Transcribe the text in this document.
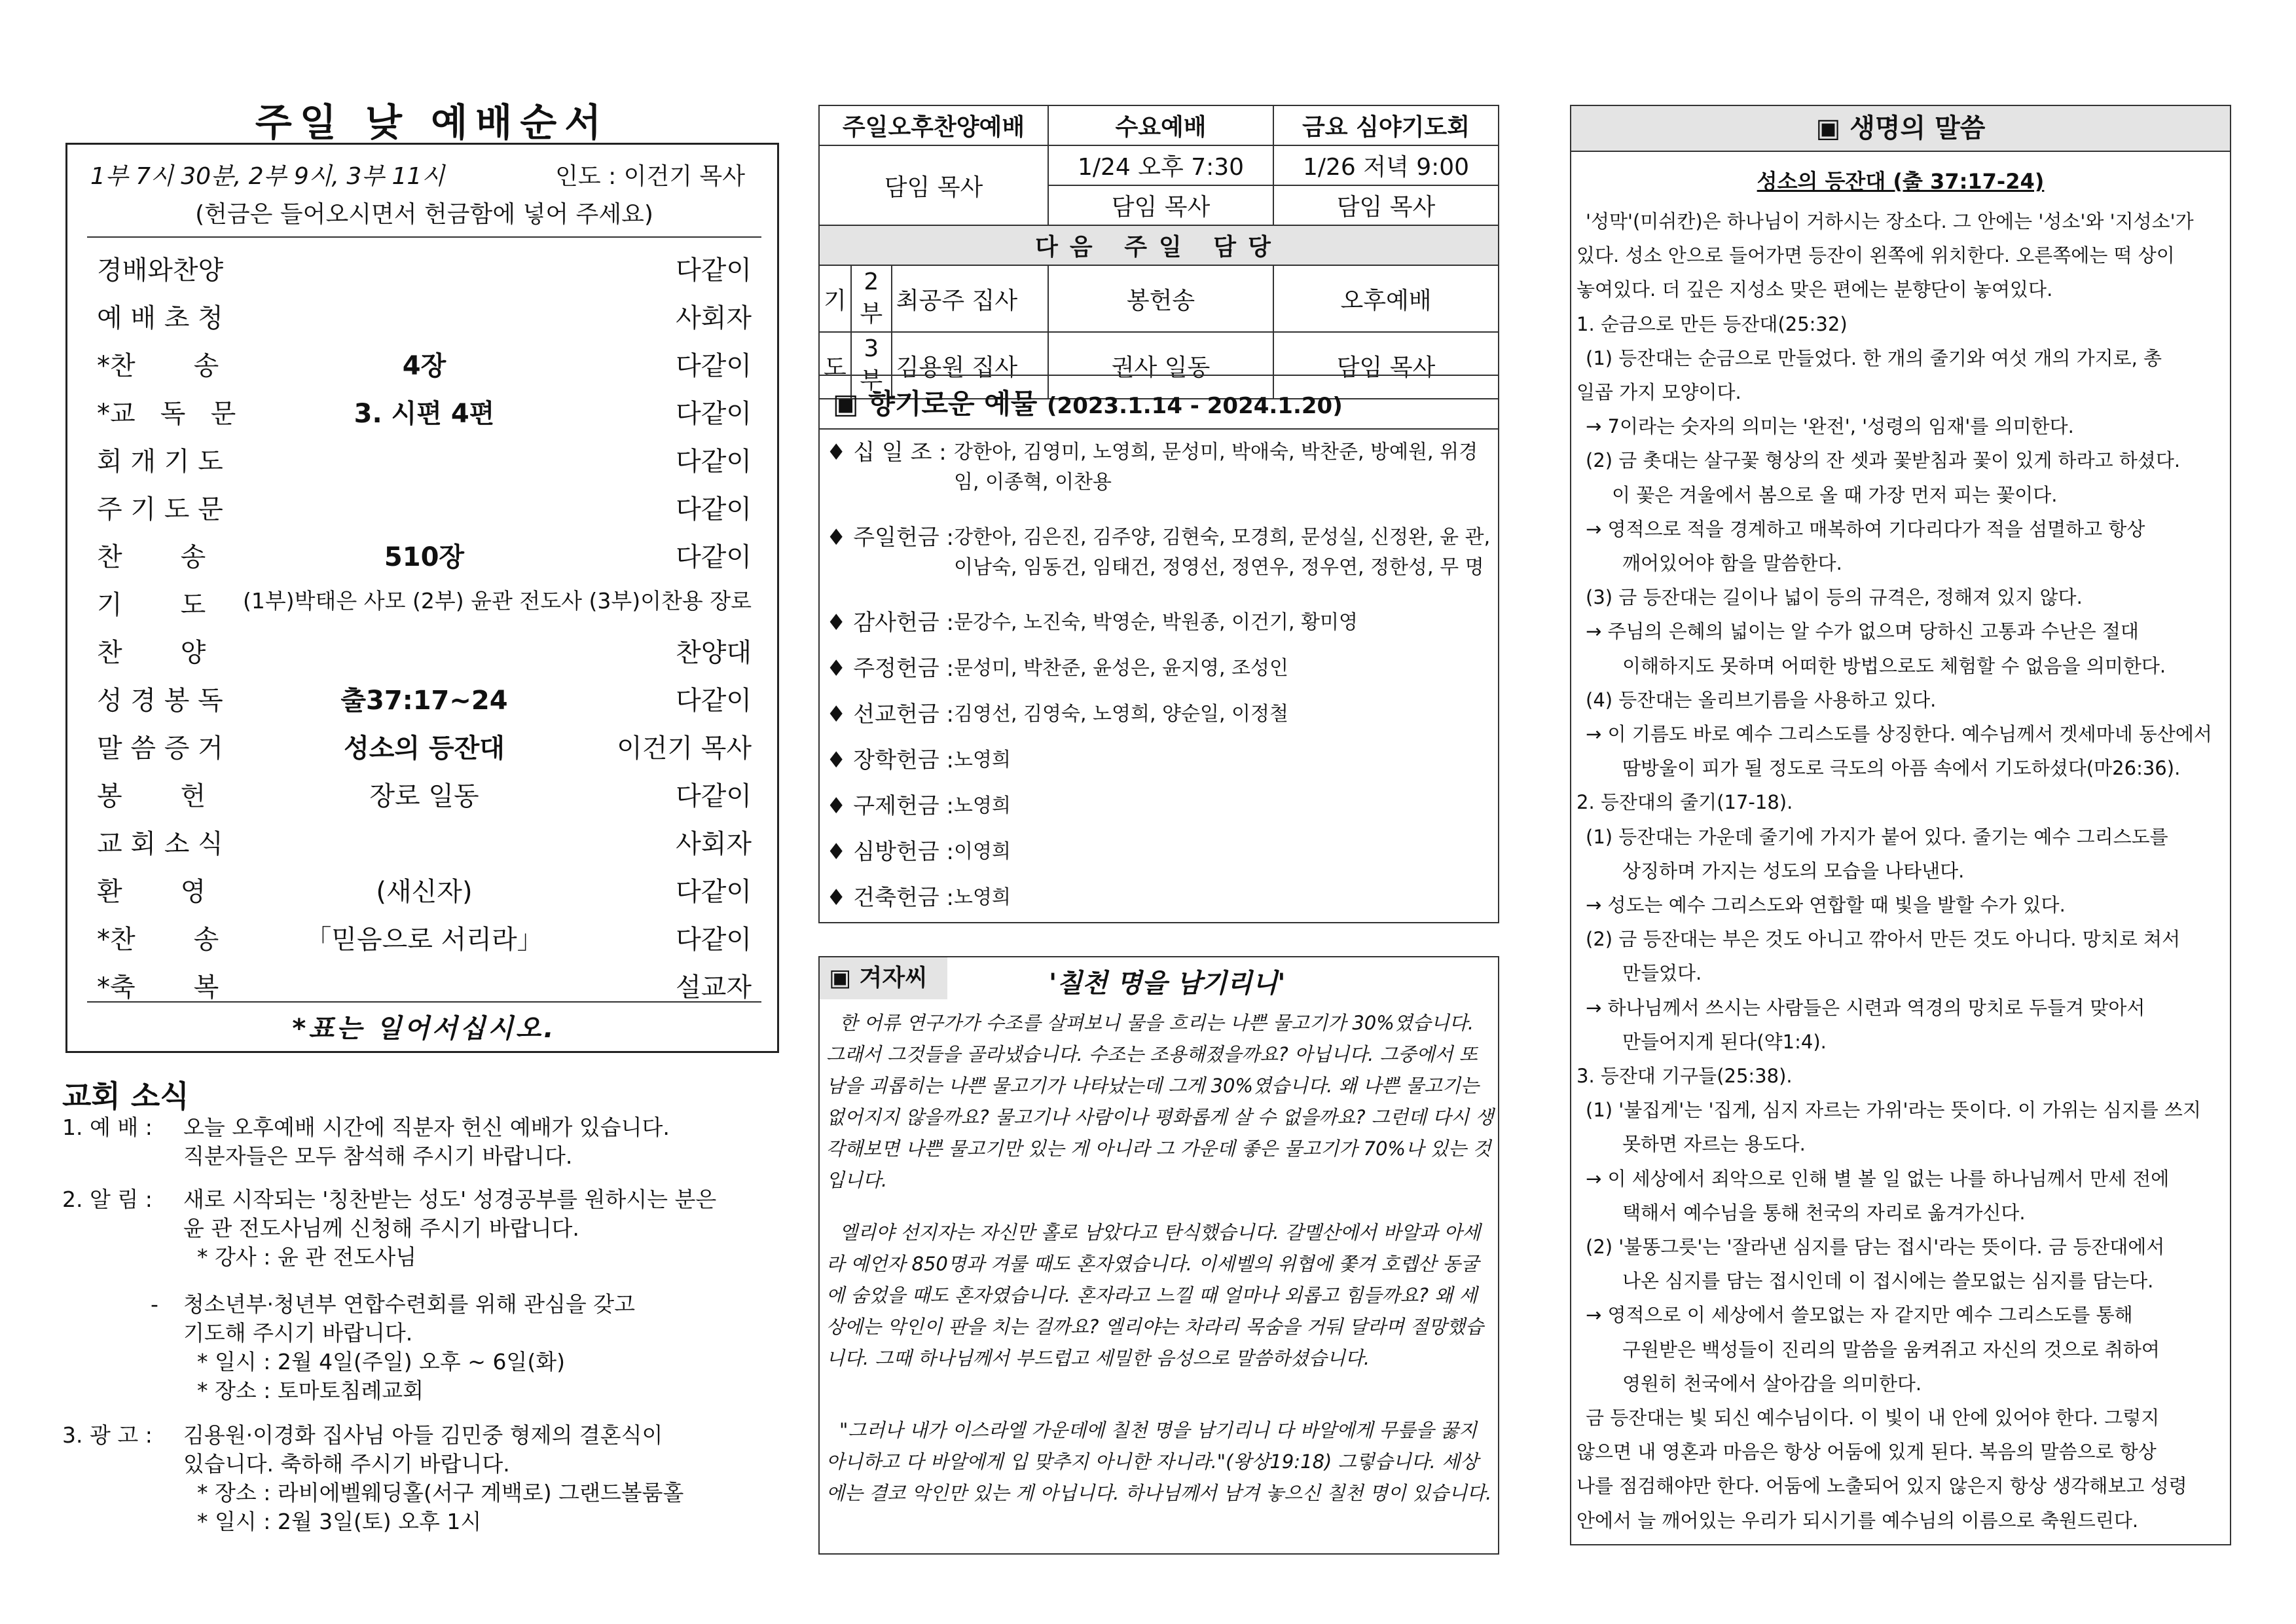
주일 낮 예배순서
1부 7시 30분, 2부 9시, 3부 11시	인도 : 이건기 목사
(헌금은 들어오시면서 헌금함에 넣어 주세요)
경배와찬양	다같이
예 배 초 청	사회자
*찬       송	4장	다같이
*교   독   문	3. 시편 4편	다같이
회 개 기 도	다같이
주 기 도 문	다같이
찬       송	510장	다같이
기       도 (1부)박태은 사모 (2부) 윤관 전도사 (3부)이찬용 장로
찬       양	찬양대
성 경 봉 독	출37:17~24	다같이
말 씀 증 거	성소의 등잔대	이건기 목사
봉       헌	장로 일동	다같이
교 회 소 식	사회자
환       영	(새신자)	다같이
*찬       송	「믿음으로 서리라」	다같이
*축       복	설교자
*표는 일어서십시오.
교회 소식
1. 예 배 :	오늘 오후예배 시간에 직분자 헌신 예배가 있습니다.
직분자들은 모두 참석해 주시기 바랍니다.
2. 알 림 :	새로 시작되는 '칭찬받는 성도' 성경공부를 원하시는 분은
윤 관 전도사님께 신청해 주시기 바랍니다.
* 강사 : 윤 관 전도사님
-	청소년부·청년부 연합수련회를 위해 관심을 갖고
기도해 주시기 바랍니다.
* 일시 : 2월 4일(주일) 오후 ~ 6일(화)
* 장소 : 토마토침례교회
3. 광 고 :	김용원·이경화 집사님 아들 김민중 형제의 결혼식이
있습니다. 축하해 주시기 바랍니다.
* 장소 : 라비에벨웨딩홀(서구 계백로) 그랜드볼룸홀
* 일시 : 2월 3일(토) 오후 1시
주일오후찬양예배			수요예배	금요 심야기도회
담임 목사			1/24 오후 7:30	1/26 저녁 9:00
			담임 목사	담임 목사
다음 주일 담당				
기	2부	최공주 집사	봉헌송	오후예배
도	3부	김용원 집사	권사 일동	담임 목사
▣ 향기로운 예물 (2023.1.14 - 2024.1.20)
♦ 십 일 조 : 강한아, 김영미, 노영희, 문성미, 박애숙, 박찬준, 방예원, 위경임, 이종혁, 이찬용
♦ 주일헌금 : 강한아, 김은진, 김주양, 김현숙, 모경희, 문성실, 신정완, 윤 관, 이남숙, 임동건, 임태건, 정영선, 정연우, 정우연, 정한성, 무 명
♦ 감사헌금 : 문강수, 노진숙, 박영순, 박원종, 이건기, 황미영
♦ 주정헌금 : 문성미, 박찬준, 윤성은, 윤지영, 조성인
♦ 선교헌금 : 김영선, 김영숙, 노영희, 양순일, 이정철
♦ 장학헌금 : 노영희
♦ 구제헌금 : 노영희
♦ 심방헌금 : 이영희
♦ 건축헌금 : 노영희
▣ 겨자씨	'칠천 명을 남기리니'
한 어류 연구가가 수조를 살펴보니 물을 흐리는 나쁜 물고기가 30%였습니다. 그래서 그것들을 골라냈습니다. 수조는 조용해졌을까요? 아닙니다. 그중에서 또 남을 괴롭히는 나쁜 물고기가 나타났는데 그게 30%였습니다. 왜 나쁜 물고기는 없어지지 않을까요? 물고기나 사람이나 평화롭게 살 수 없을까요? 그런데 다시 생각해보면 나쁜 물고기만 있는 게 아니라 그 가운데 좋은 물고기가 70%나 있는 것입니다.
엘리야 선지자는 자신만 홀로 남았다고 탄식했습니다. 갈멜산에서 바알과 아세라 예언자 850명과 겨룰 때도 혼자였습니다. 이세벨의 위협에 쫓겨 호렙산 동굴에 숨었을 때도 혼자였습니다. 혼자라고 느낄 때 얼마나 외롭고 힘들까요? 왜 세상에는 악인이 판을 치는 걸까요? 엘리야는 차라리 목숨을 거둬 달라며 절망했습니다. 그때 하나님께서 부드럽고 세밀한 음성으로 말씀하셨습니다.
"그러나 내가 이스라엘 가운데에 칠천 명을 남기리니 다 바알에게 무릎을 꿇지 아니하고 다 바알에게 입 맞추지 아니한 자니라."(왕상19:18) 그렇습니다. 세상에는 결코 악인만 있는 게 아닙니다. 하나님께서 남겨 놓으신 칠천 명이 있습니다.
▣ 생명의 말씀
성소의 등잔대 (출 37:17-24)
'성막'(미쉬칸)은 하나님이 거하시는 장소다. 그 안에는 '성소'와 '지성소'가
있다. 성소 안으로 들어가면 등잔이 왼쪽에 위치한다. 오른쪽에는 떡 상이
놓여있다. 더 깊은 지성소 맞은 편에는 분향단이 놓여있다.
1. 순금으로 만든 등잔대(25:32)
(1) 등잔대는 순금으로 만들었다. 한 개의 줄기와 여섯 개의 가지로, 총
일곱 가지 모양이다.
→ 7이라는 숫자의 의미는 '완전', '성령의 임재'를 의미한다.
(2) 금 촛대는 살구꽃 형상의 잔 셋과 꽃받침과 꽃이 있게 하라고 하셨다.
이 꽃은 겨울에서 봄으로 올 때 가장 먼저 피는 꽃이다.
→ 영적으로 적을 경계하고 매복하여 기다리다가 적을 섬멸하고 항상
깨어있어야 함을 말씀한다.
(3) 금 등잔대는 길이나 넓이 등의 규격은, 정해져 있지 않다.
→ 주님의 은혜의 넓이는 알 수가 없으며 당하신 고통과 수난은 절대
이해하지도 못하며 어떠한 방법으로도 체험할 수 없음을 의미한다.
(4) 등잔대는 올리브기름을 사용하고 있다.
→ 이 기름도 바로 예수 그리스도를 상징한다. 예수님께서 겟세마네 동산에서
땀방울이 피가 될 정도로 극도의 아픔 속에서 기도하셨다(마26:36).
2. 등잔대의 줄기(17-18).
(1) 등잔대는 가운데 줄기에 가지가 붙어 있다. 줄기는 예수 그리스도를
상징하며 가지는 성도의 모습을 나타낸다.
→ 성도는 예수 그리스도와 연합할 때 빛을 발할 수가 있다.
(2) 금 등잔대는 부은 것도 아니고 깎아서 만든 것도 아니다. 망치로 쳐서
만들었다.
→ 하나님께서 쓰시는 사람들은 시련과 역경의 망치로 두들겨 맞아서
만들어지게 된다(약1:4).
3. 등잔대 기구들(25:38).
(1) '불집게'는 '집게, 심지 자르는 가위'라는 뜻이다. 이 가위는 심지를 쓰지
못하면 자르는 용도다.
→ 이 세상에서 죄악으로 인해 별 볼 일 없는 나를 하나님께서 만세 전에
택해서 예수님을 통해 천국의 자리로 옮겨가신다.
(2) '불똥그릇'는 '잘라낸 심지를 담는 접시'라는 뜻이다. 금 등잔대에서
나온 심지를 담는 접시인데 이 접시에는 쓸모없는 심지를 담는다.
→ 영적으로 이 세상에서 쓸모없는 자 같지만 예수 그리스도를 통해
구원받은 백성들이 진리의 말씀을 움켜쥐고 자신의 것으로 취하여
영원히 천국에서 살아감을 의미한다.
금 등잔대는 빛 되신 예수님이다. 이 빛이 내 안에 있어야 한다. 그렇지
않으면 내 영혼과 마음은 항상 어둠에 있게 된다. 복음의 말씀으로 항상
나를 점검해야만 한다. 어둠에 노출되어 있지 않은지 항상 생각해보고 성령
안에서 늘 깨어있는 우리가 되시기를 예수님의 이름으로 축원드린다.
